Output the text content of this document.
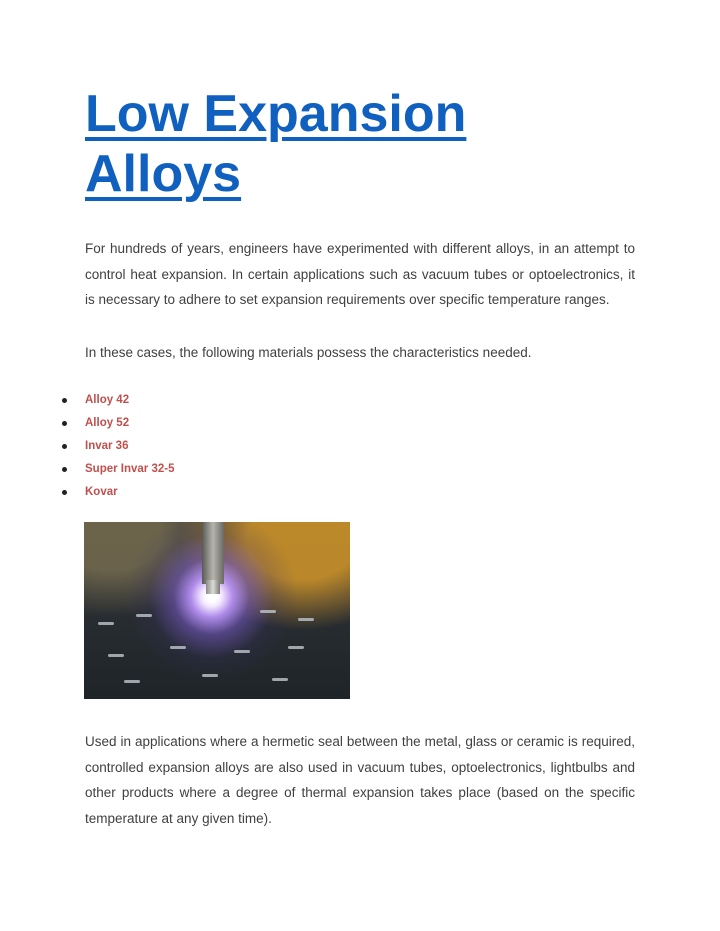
Low Expansion
Alloys

For hundreds of years, engineers have experimented with different alloys, in an attempt to control heat expansion. In certain applications such as vacuum tubes or optoelectronics, it is necessary to adhere to set expansion requirements over specific temperature ranges.

In these cases, the following materials possess the characteristics needed.

Alloy 42
Alloy 52
Invar 36
Super Invar 32-5
Kovar

Used in applications where a hermetic seal between the metal, glass or ceramic is required, controlled expansion alloys are also used in vacuum tubes, optoelectronics, lightbulbs and other products where a degree of thermal expansion takes place (based on the specific temperature at any given time).
